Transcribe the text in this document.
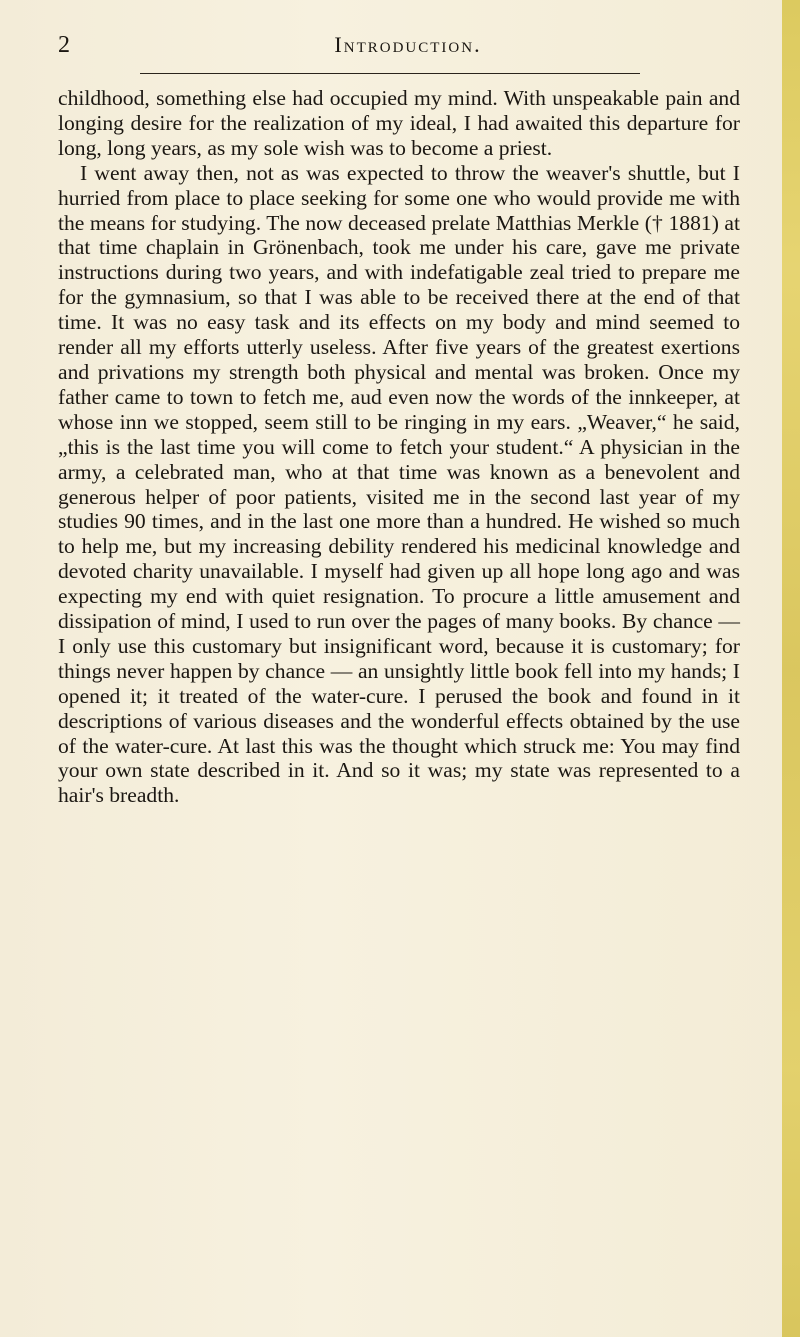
2	Introduction.

childhood, something else had occupied my mind. With unspeakable pain and longing desire for the realization of my ideal, I had awaited this departure for long, long years, as my sole wish was to become a priest.

I went away then, not as was expected to throw the weaver's shuttle, but I hurried from place to place seeking for some one who would provide me with the means for studying. The now deceased prelate Matthias Merkle († 1881) at that time chaplain in Grönenbach, took me under his care, gave me private instructions during two years, and with indefatigable zeal tried to prepare me for the gymnasium, so that I was able to be received there at the end of that time. It was no easy task and its effects on my body and mind seemed to render all my efforts utterly useless. After five years of the greatest exertions and privations my strength both physical and mental was broken. Once my father came to town to fetch me, aud even now the words of the innkeeper, at whose inn we stopped, seem still to be ringing in my ears. „Weaver,“ he said, „this is the last time you will come to fetch your student.“ A physician in the army, a celebrated man, who at that time was known as a benevolent and generous helper of poor patients, visited me in the second last year of my studies 90 times, and in the last one more than a hundred. He wished so much to help me, but my increasing debility rendered his medicinal knowledge and devoted charity unavailable. I myself had given up all hope long ago and was expecting my end with quiet resignation. To procure a little amusement and dissipation of mind, I used to run over the pages of many books. By chance — I only use this customary but insignificant word, because it is customary; for things never happen by chance — an unsightly little book fell into my hands; I opened it; it treated of the water-cure. I perused the book and found in it descriptions of various diseases and the wonderful effects obtained by the use of the water-cure. At last this was the thought which struck me: You may find your own state described in it. And so it was; my state was represented to a hair's breadth.
